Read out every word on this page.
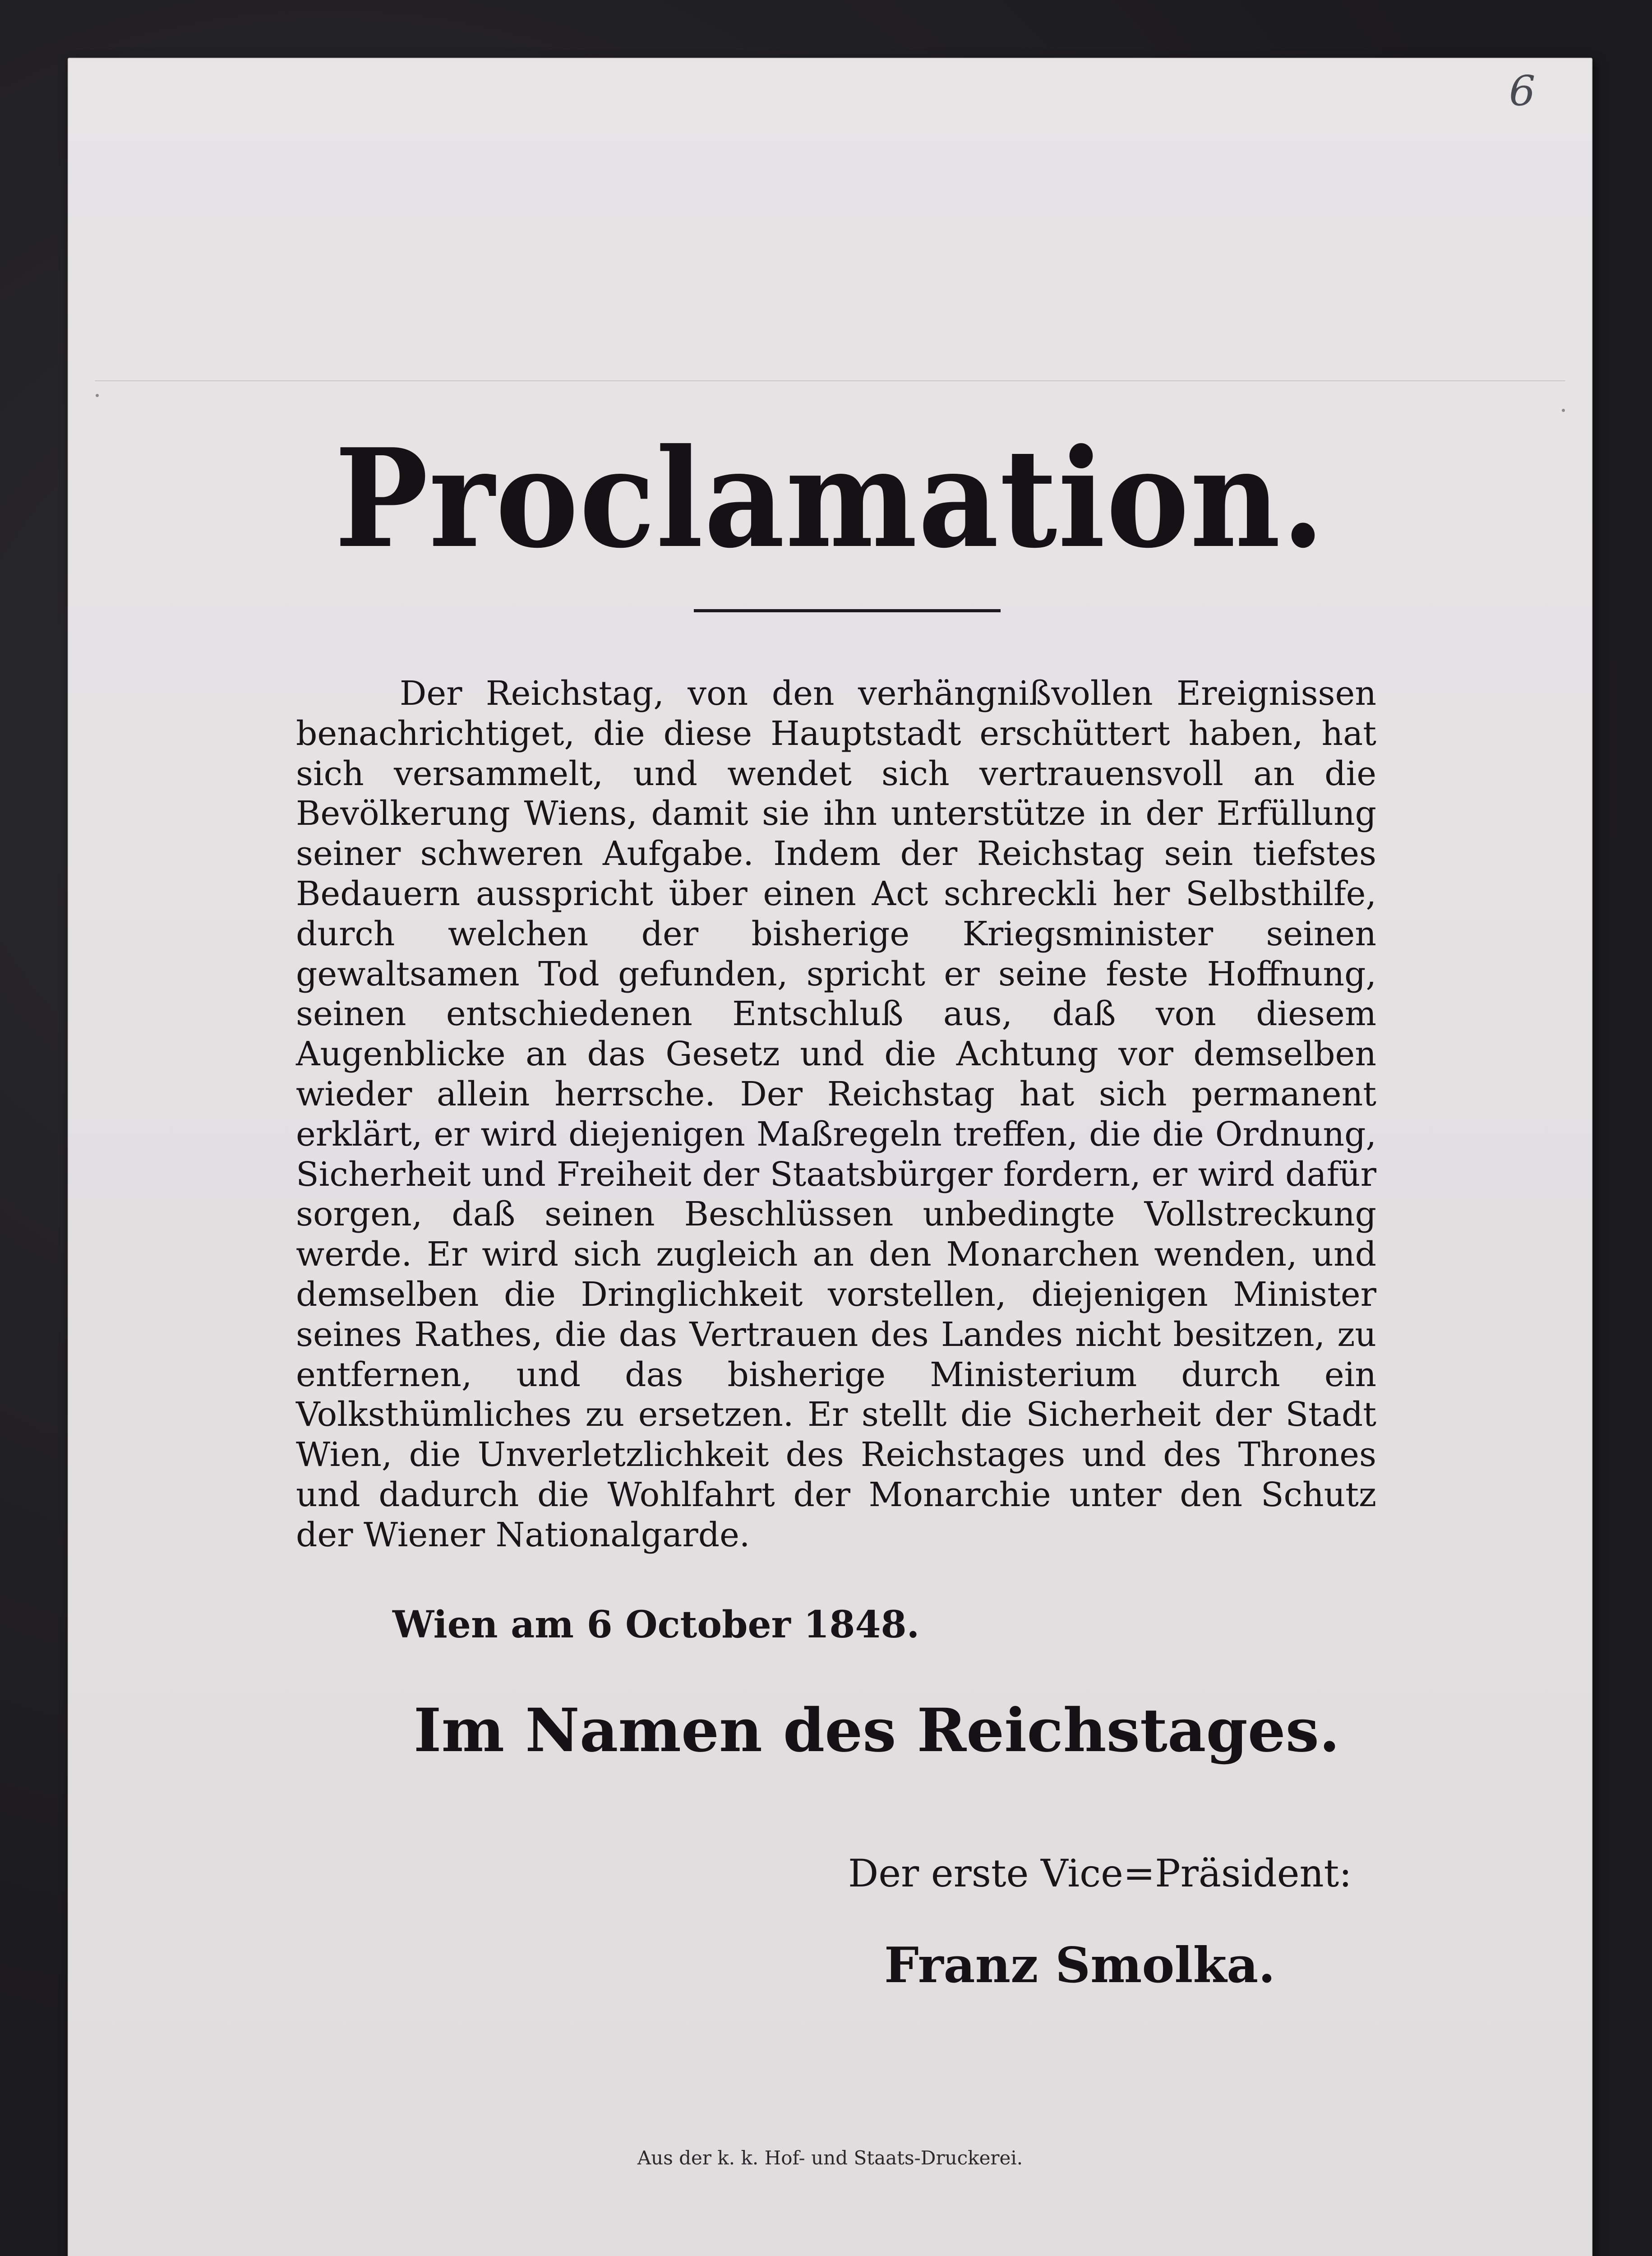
6
Proclamation.

Der Reichstag, von den verhängnißvollen Ereignissen benachrichtiget, die diese Hauptstadt erschüttert haben, hat sich versammelt, und wendet sich vertrauensvoll an die Bevölkerung Wiens, damit sie ihn unterstütze in der Erfüllung seiner schweren Aufgabe. Indem der Reichstag sein tiefstes Bedauern ausspricht über einen Act schreckli her Selbsthilfe, durch welchen der bisherige Kriegsminister seinen gewaltsamen Tod gefunden, spricht er seine feste Hoffnung, seinen entschiedenen Entschluß aus, daß von diesem Augenblicke an das Gesetz und die Achtung vor demselben wieder allein herrsche. Der Reichstag hat sich permanent erklärt, er wird diejenigen Maßregeln treffen, die die Ordnung, Sicherheit und Freiheit der Staatsbürger fordern, er wird dafür sorgen, daß seinen Beschlüssen unbedingte Vollstreckung werde. Er wird sich zugleich an den Monarchen wenden, und demselben die Dringlichkeit vorstellen, diejenigen Minister seines Rathes, die das Vertrauen des Landes nicht besitzen, zu entfernen, und das bisherige Ministerium durch ein Volksthümliches zu ersetzen. Er stellt die Sicherheit der Stadt Wien, die Unverletzlichkeit des Reichstages und des Thrones und dadurch die Wohlfahrt der Monarchie unter den Schutz der Wiener Nationalgarde.

Wien am 6 October 1848.
Im Namen des Reichstages.
Der erste Vice=Präsident:
Franz Smolka.
Aus der k. k. Hof- und Staats-Druckerei.
